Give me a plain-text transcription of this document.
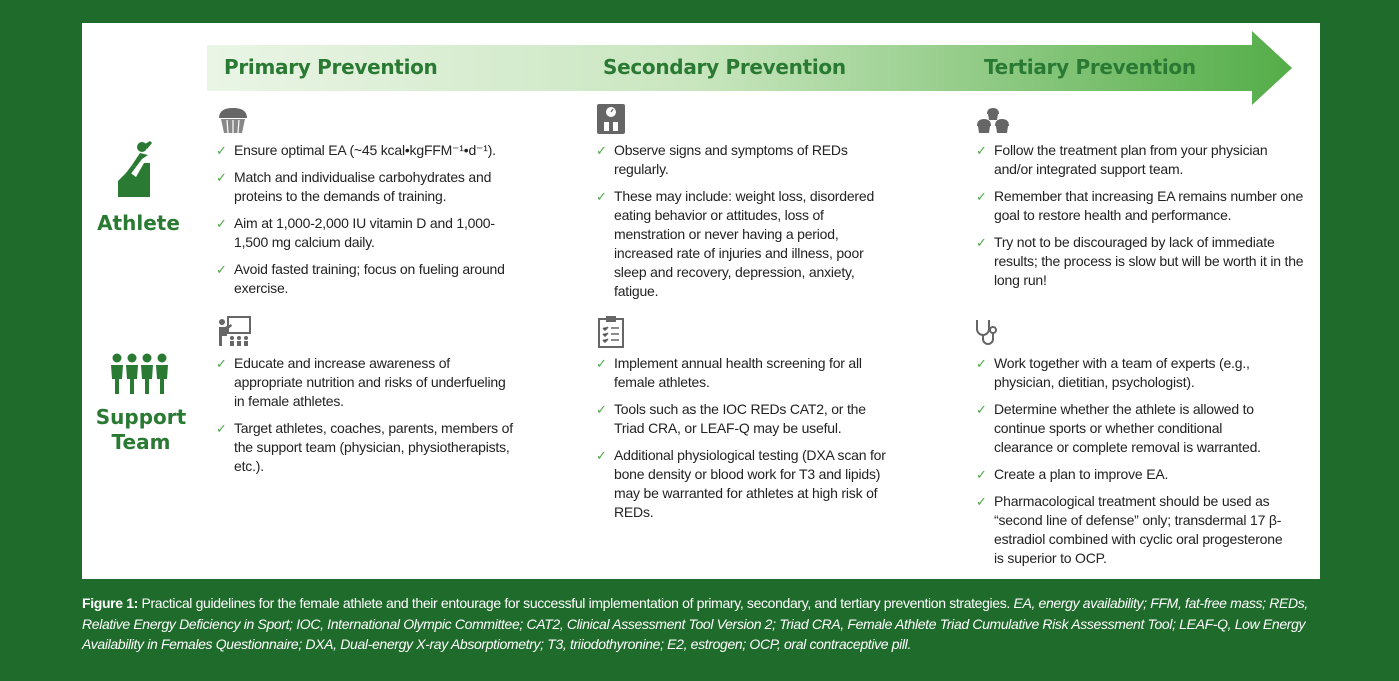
Primary Prevention	Secondary Prevention	Tertiary Prevention
Athlete
Support
Team
✓ Ensure optimal EA (~45 kcal•kgFFM⁻¹•d⁻¹).
✓ Match and individualise carbohydrates and proteins to the demands of training.
✓ Aim at 1,000-2,000 IU vitamin D and 1,000-1,500 mg calcium daily.
✓ Avoid fasted training; focus on fueling around exercise.
✓ Observe signs and symptoms of REDs regularly.
✓ These may include: weight loss, disordered eating behavior or attitudes, loss of menstration or never having a period, increased rate of injuries and illness, poor sleep and recovery, depression, anxiety, fatigue.
✓ Follow the treatment plan from your physician and/or integrated support team.
✓ Remember that increasing EA remains number one goal to restore health and performance.
✓ Try not to be discouraged by lack of immediate results; the process is slow but will be worth it in the long run!
✓ Educate and increase awareness of appropriate nutrition and risks of underfueling in female athletes.
✓ Target athletes, coaches, parents, members of the support team (physician, physiotherapists, etc.).
✓ Implement annual health screening for all female athletes.
✓ Tools such as the IOC REDs CAT2, or the Triad CRA, or LEAF-Q may be useful.
✓ Additional physiological testing (DXA scan for bone density or blood work for T3 and lipids) may be warranted for athletes at high risk of REDs.
✓ Work together with a team of experts (e.g., physician, dietitian, psychologist).
✓ Determine whether the athlete is allowed to continue sports or whether conditional clearance or complete removal is warranted.
✓ Create a plan to improve EA.
✓ Pharmacological treatment should be used as “second line of defense” only; transdermal 17 β-estradiol combined with cyclic oral progesterone is superior to OCP.
Figure 1: Practical guidelines for the female athlete and their entourage for successful implementation of primary, secondary, and tertiary prevention strategies. EA, energy availability; FFM, fat-free mass; REDs, Relative Energy Deficiency in Sport; IOC, International Olympic Committee; CAT2, Clinical Assessment Tool Version 2; Triad CRA, Female Athlete Triad Cumulative Risk Assessment Tool; LEAF-Q, Low Energy Availability in Females Questionnaire; DXA, Dual-energy X-ray Absorptiometry; T3, triiodothyronine; E2, estrogen; OCP, oral contraceptive pill.
